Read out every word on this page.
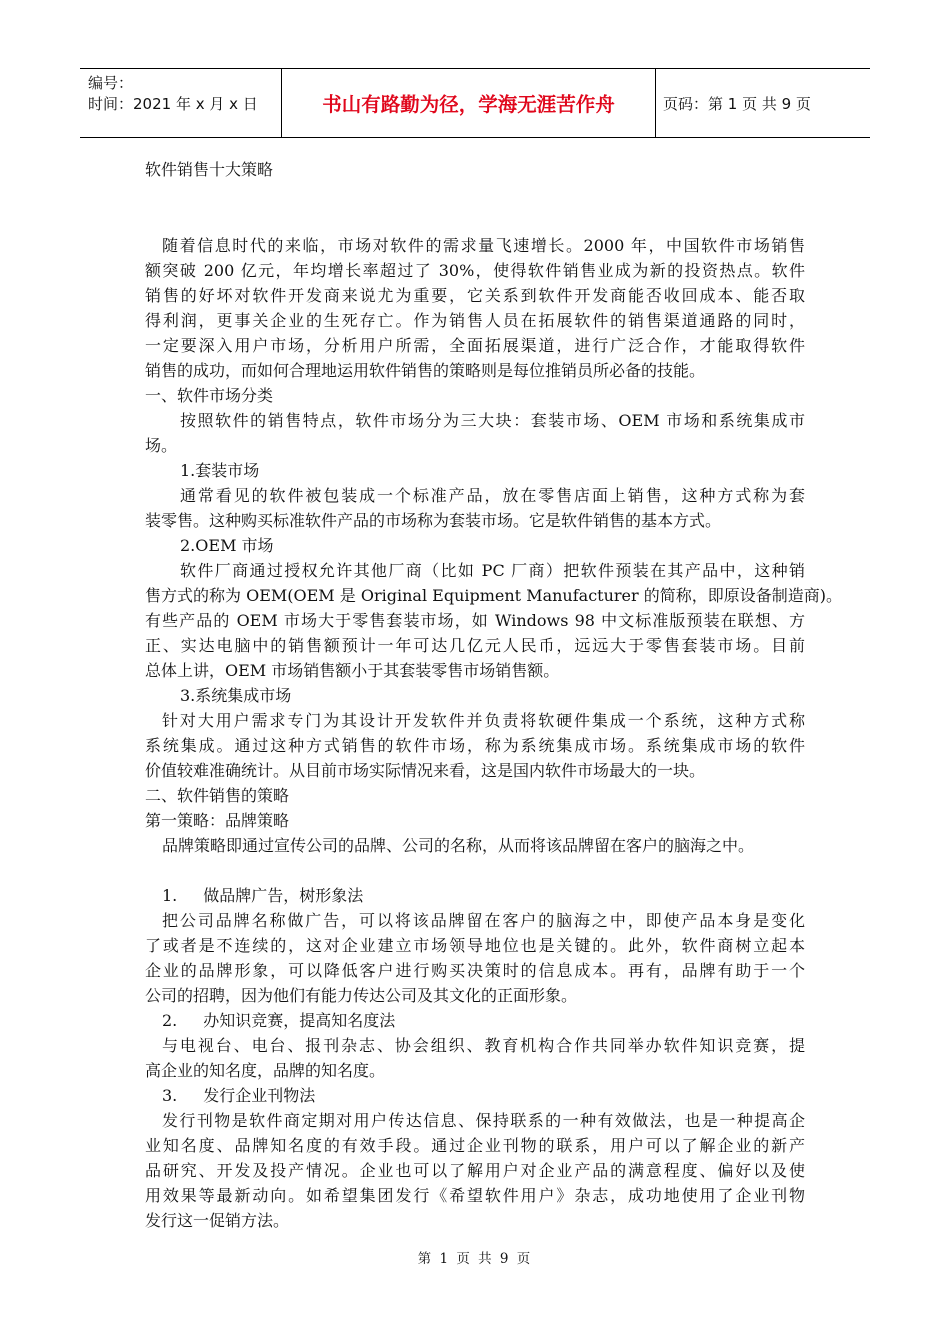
编号：
时间：2021 年 x 月 x 日	书山有路勤为径，学海无涯苦作舟	页码：第 1 页 共 9 页
软件销售十大策略
随着信息时代的来临，市场对软件的需求量飞速增长。2000 年，中国软件市场销售
额突破 200 亿元，年均增长率超过了 30%，使得软件销售业成为新的投资热点。软件
销售的好坏对软件开发商来说尤为重要，它关系到软件开发商能否收回成本、能否取
得利润，更事关企业的生死存亡。作为销售人员在拓展软件的销售渠道通路的同时，
一定要深入用户市场，分析用户所需，全面拓展渠道，进行广泛合作，才能取得软件
销售的成功，而如何合理地运用软件销售的策略则是每位推销员所必备的技能。
一、软件市场分类
按照软件的销售特点，软件市场分为三大块：套装市场、OEM 市场和系统集成市
场。
1.套装市场
通常看见的软件被包装成一个标准产品，放在零售店面上销售，这种方式称为套
装零售。这种购买标准软件产品的市场称为套装市场。它是软件销售的基本方式。
2.OEM 市场
软件厂商通过授权允许其他厂商（比如 PC 厂商）把软件预装在其产品中，这种销
售方式的称为 OEM(OEM 是 Original Equipment Manufacturer 的简称，即原设备制造商)。
有些产品的 OEM 市场大于零售套装市场，如 Windows 98 中文标准版预装在联想、方
正、实达电脑中的销售额预计一年可达几亿元人民币，远远大于零售套装市场。目前
总体上讲，OEM 市场销售额小于其套装零售市场销售额。
3.系统集成市场
针对大用户需求专门为其设计开发软件并负责将软硬件集成一个系统，这种方式称
系统集成。通过这种方式销售的软件市场，称为系统集成市场。系统集成市场的软件
价值较难准确统计。从目前市场实际情况来看，这是国内软件市场最大的一块。
二、软件销售的策略
第一策略：品牌策略
品牌策略即通过宣传公司的品牌、公司的名称，从而将该品牌留在客户的脑海之中。
1. 做品牌广告，树形象法
把公司品牌名称做广告，可以将该品牌留在客户的脑海之中，即使产品本身是变化
了或者是不连续的，这对企业建立市场领导地位也是关键的。此外，软件商树立起本
企业的品牌形象，可以降低客户进行购买决策时的信息成本。再有，品牌有助于一个
公司的招聘，因为他们有能力传达公司及其文化的正面形象。
2. 办知识竞赛，提高知名度法
与电视台、电台、报刊杂志、协会组织、教育机构合作共同举办软件知识竞赛，提
高企业的知名度，品牌的知名度。
3. 发行企业刊物法
发行刊物是软件商定期对用户传达信息、保持联系的一种有效做法，也是一种提高企
业知名度、品牌知名度的有效手段。通过企业刊物的联系，用户可以了解企业的新产
品研究、开发及投产情况。企业也可以了解用户对企业产品的满意程度、偏好以及使
用效果等最新动向。如希望集团发行《希望软件用户》杂志，成功地使用了企业刊物
发行这一促销方法。
第 1 页 共 9 页
